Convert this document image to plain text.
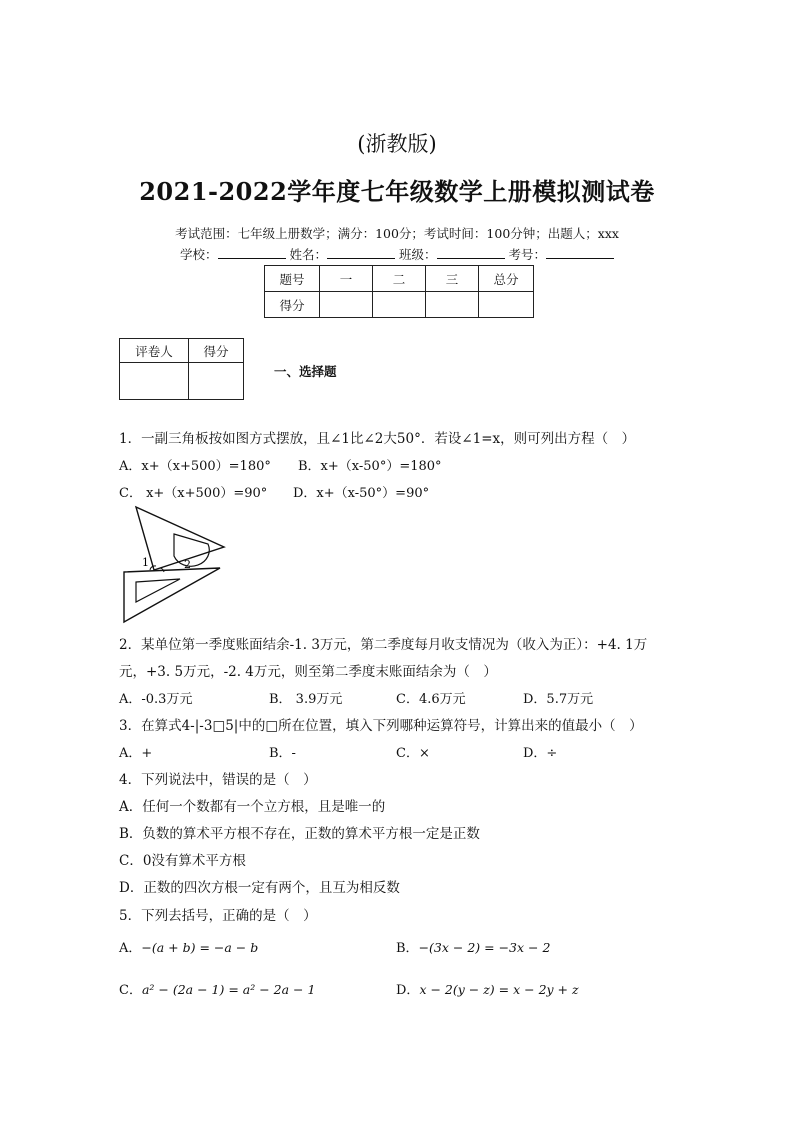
(浙教版)
2021-2022学年度七年级数学上册模拟测试卷
考试范围：七年级上册数学；满分：100分；考试时间：100分钟；出题人；xxx
学校：	姓名：	班级：	考号：
题号	一	二	三	总分
得分				
评卷人	得分

一、选择题
1．一副三角板按如图方式摆放，且∠1比∠2大50°．若设∠1=x，则可列出方程（　）
A．x+（x+500）=180° B．x+（x-50°）=180°
C． x+（x+500）=90° D．x+（x-50°）=90°
1	2
2．某单位第一季度账面结余-1. 3万元，第二季度每月收支情况为（收入为正）：+4. 1万
元，+3. 5万元，-2. 4万元，则至第二季度末账面结余为（　）
A．-0.3万元	B． 3.9万元	C．4.6万元	D．5.7万元
3．在算式4-|-3□5|中的□所在位置，填入下列哪种运算符号，计算出来的值最小（　）
A．+	B．-	C．×	D．÷
4．下列说法中，错误的是（　）
A．任何一个数都有一个立方根，且是唯一的
B．负数的算术平方根不存在，正数的算术平方根一定是正数
C．0没有算术平方根
D．正数的四次方根一定有两个，且互为相反数
5．下列去括号，正确的是（　）
A．−(a + b) = −a − b	B．−(3x − 2) = −3x − 2
C．a² − (2a − 1) = a² − 2a − 1	D．x − 2(y − z) = x − 2y + z
